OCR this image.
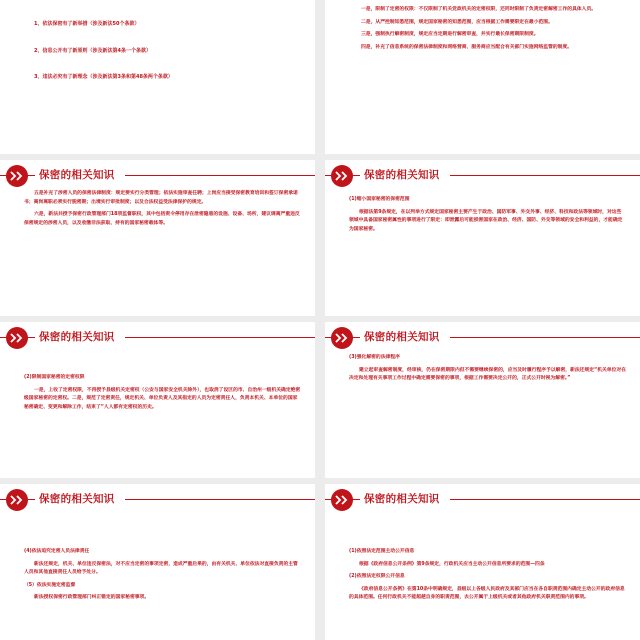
1、依法保密有了新举措（涉及新法50个条款）
2、信息公开有了新原则（涉及新法第4条一个条款）
3、违法必究有了新理念（涉及新法第3条和第48条两个条款）

一是，限制了定密的权限：不仅限制了机关党政机关的定密权限，还同时限制了负责定密解密工作的具体人员。

二是，从严控制知悉范围，规定国家秘密的知悉范围，应当根据工作需要限定在最小范围。

三是，强制执行解密制度，规定应当定期进行解密审查，并实行最长保密期限制度。

四是，补充了信息系统的保密法律制度和网络营商、服务商应当配合有关部门实施网络监管的制度。

保密的相关知识

五是补充了涉密人员的保密法律制度：规定要实行分类管理；依法实施审查任聘；上岗应当接受保密教育培训和签订保密承诺书；离岗离职必须实行脱密期；出境实行审批制度；以及合法权益受法律保护的规定。

六是，新法共授予保密行政管理部门18项监督职权，其中包括责令停用存在泄密隐患的设施、设备、场所，建议调离严重违反保密规定的涉密人员，以及收缴非法获取、持有的国家秘密载体等。

保密的相关知识

(1)缩小国家秘密的保密范围

根据法第9条规定，在以列举方式规定国家秘密主要产生于政治、国防军事、外交外事、经济、科技和政法等领域时，对这些领域中具备国家秘密属性的事项进行了限定：即泄露后可能损害国家在政治、经济、国防、外交等领域的安全和利益的，才能确定为国家秘密。

保密的相关知识

(2)限制国家秘密的定密权限

一是，上收了定密权限，不再授予县级机关定密权（公安与国家安全机关除外），也取消了设区的市、自治州一级机关确定绝密级国家秘密的定密权。二是，规范了定密责任，规定机关、单位负责人及其指定的人员为定密责任人，负责本机关、本单位的国家秘密确定、变更和解除工作，结束了“人人都有定密权的历史。

保密的相关知识

(3)强化解密的法律程序

建立起审查解密制度，经审核，仍在保密期限内但不需要继续保密的，应当及时履行程序予以解密，新法还规定“机关单位对在决定和处理有关事项工作过程中确定需要保密的事项，根据工作需要决定公开的，正式公开时视为解密。”

保密的相关知识

(4)依法追究定密人员法律责任

新法还规定，机关、单位违反保密法，对不应当定密的事项定密，造成严重后果的，由有关机关、单位依法对直接负责的主管人员和其他直接责任人员给予处分。

（5）依法实施定密监督

新法授权保密行政管理部门纠正错定的国家秘密事项。

保密的相关知识

(1)依照法定范围主动公开信息

根据《政府信息公开条例》第9条规定，行政机关应当主动公开信息所要求的范围—四条

(2)依照法定权限公开信息

《政府信息公开条例》在第10条中明确规定，县级以上各级人民政府及其部门应当在各自职责范围内确定主动公开的政府信息的具体范围。任何行政机关不能超越自身的职责范围，去公开属于上级机关或者其他政府机关职责范围内的事项。
